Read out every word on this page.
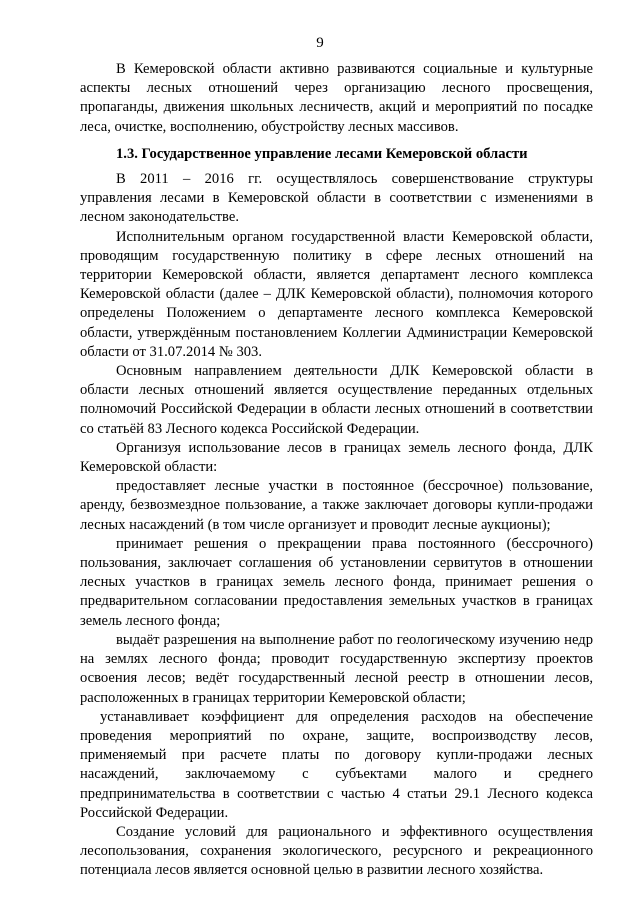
9

В Кемеровской области активно развиваются социальные и культурные аспекты лесных отношений через организацию лесного просвещения, пропаганды, движения школьных лесничеств, акций и мероприятий по посадке леса, очистке, восполнению, обустройству лесных массивов.

1.3. Государственное управление лесами Кемеровской области

В 2011 – 2016 гг. осуществлялось совершенствование структуры управления лесами в Кемеровской области в соответствии с изменениями в лесном законодательстве.

Исполнительным органом государственной власти Кемеровской области, проводящим государственную политику в сфере лесных отношений на территории Кемеровской области, является департамент лесного комплекса Кемеровской области (далее – ДЛК Кемеровской области), полномочия которого определены Положением о департаменте лесного комплекса Кемеровской области, утверждённым постановлением Коллегии Администрации Кемеровской области от 31.07.2014 № 303.

Основным направлением деятельности ДЛК Кемеровской области в области лесных отношений является осуществление переданных отдельных полномочий Российской Федерации в области лесных отношений в соответствии со статьёй 83 Лесного кодекса Российской Федерации.

Организуя использование лесов в границах земель лесного фонда, ДЛК Кемеровской области:

предоставляет лесные участки в постоянное (бессрочное) пользование, аренду, безвозмездное пользование, а также заключает договоры купли-продажи лесных насаждений (в том числе организует и проводит лесные аукционы);

принимает решения о прекращении права постоянного (бессрочного) пользования, заключает соглашения об установлении сервитутов в отношении лесных участков в границах земель лесного фонда, принимает решения о предварительном согласовании предоставления земельных участков в границах земель лесного фонда;

выдаёт разрешения на выполнение работ по геологическому изучению недр на землях лесного фонда; проводит государственную экспертизу проектов освоения лесов; ведёт государственный лесной реестр в отношении лесов, расположенных в границах территории Кемеровской области;

устанавливает коэффициент для определения расходов на обеспечение проведения мероприятий по охране, защите, воспроизводству лесов, применяемый при расчете платы по договору купли-продажи лесных насаждений, заключаемому с субъектами малого и среднего предпринимательства в соответствии с частью 4 статьи 29.1 Лесного кодекса Российской Федерации.

Создание условий для рационального и эффективного осуществления лесопользования, сохранения экологического, ресурсного и рекреационного потенциала лесов является основной целью в развитии лесного хозяйства.
